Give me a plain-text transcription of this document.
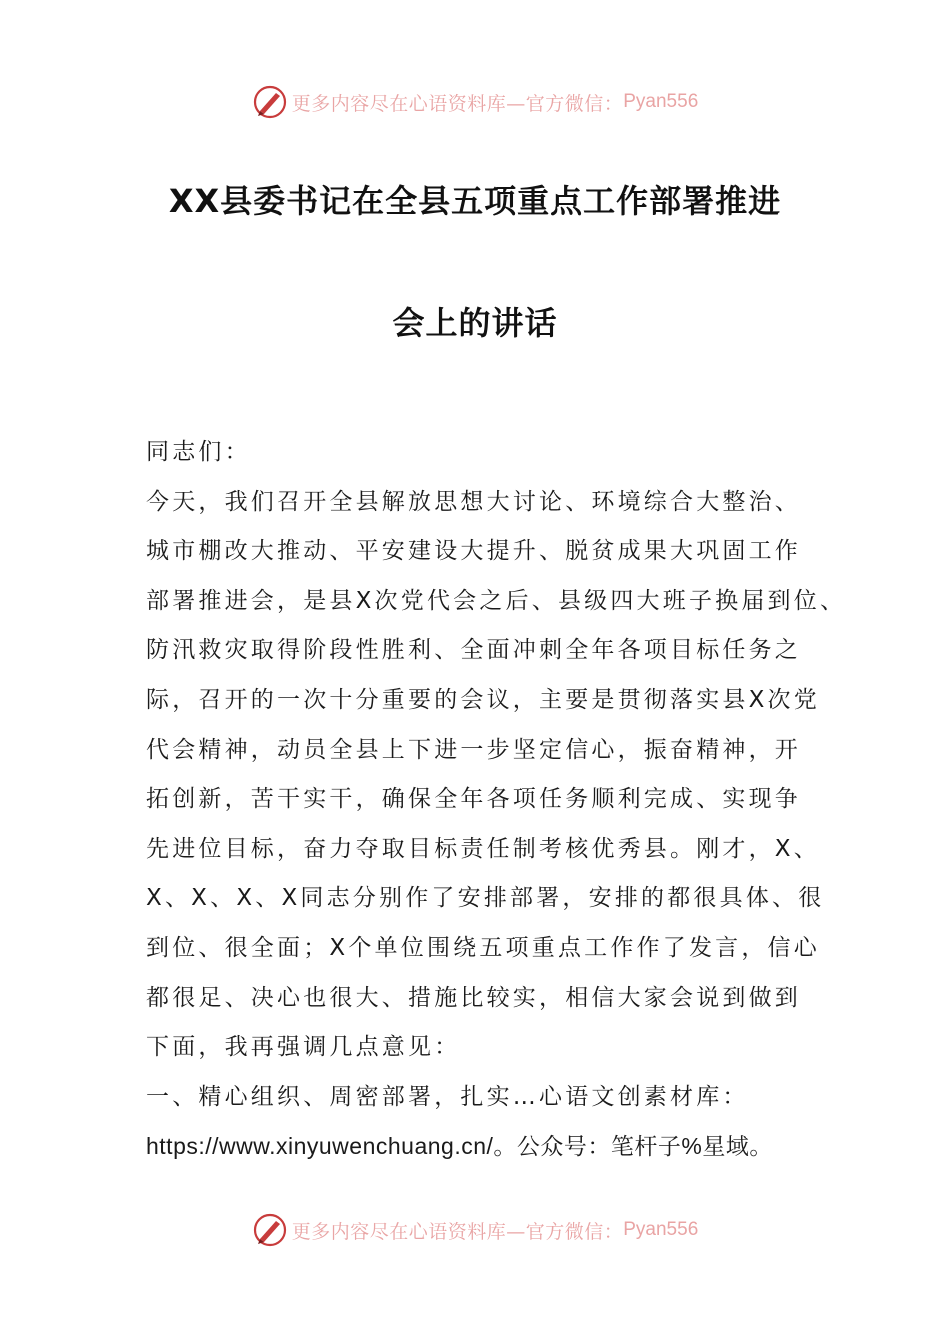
更多内容尽在心语资料库—官方微信： Pyan556
XX县委书记在全县五项重点工作部署推进
会上的讲话

同志们：

今天，我们召开全县解放思想大讨论、环境综合大整治、

城市棚改大推动、平安建设大提升、脱贫成果大巩固工作

部署推进会，是县X次党代会之后、县级四大班子换届到位、

防汛救灾取得阶段性胜利、全面冲刺全年各项目标任务之

际，召开的一次十分重要的会议，主要是贯彻落实县X次党

代会精神，动员全县上下进一步坚定信心，振奋精神，开

拓创新，苦干实干，确保全年各项任务顺利完成、实现争

先进位目标，奋力夺取目标责任制考核优秀县。刚才，X、

X、X、X、X同志分别作了安排部署，安排的都很具体、很

到位、很全面；X个单位围绕五项重点工作作了发言，信心

都很足、决心也很大、措施比较实，相信大家会说到做到

下面，我再强调几点意见：

一、精心组织、周密部署，扎实…心语文创素材库：

https://www.xinyuwenchuang.cn/。公众号：笔杆子%星域。

更多内容尽在心语资料库—官方微信： Pyan556
